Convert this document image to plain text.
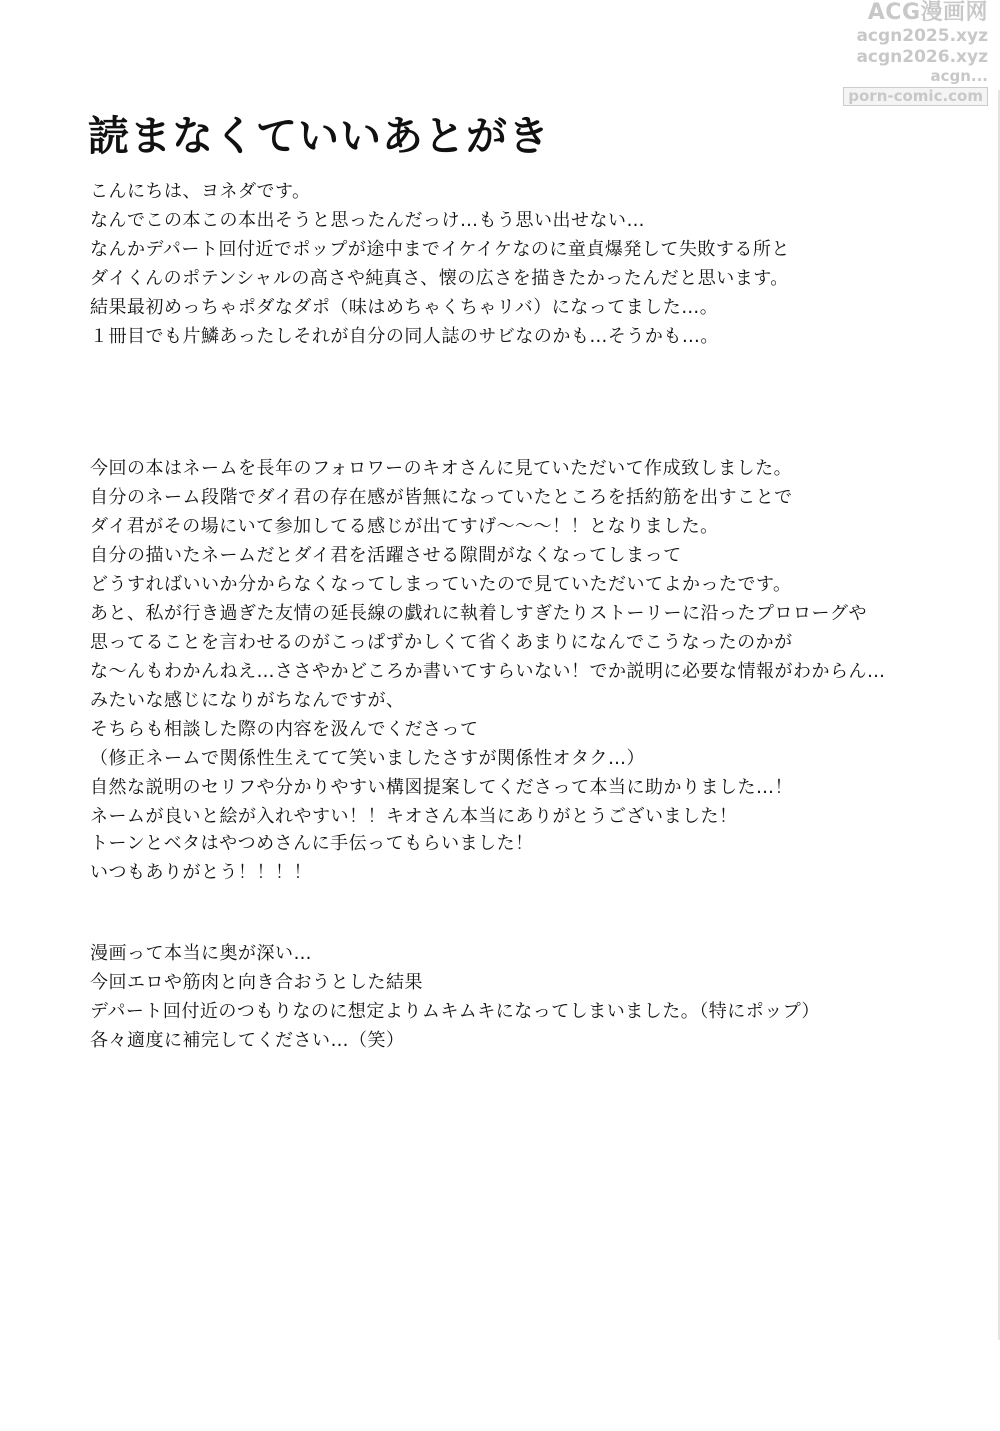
ACG漫画网
acgn2025.xyz
acgn2026.xyz
acgn...
porn-comic.com
読まなくていいあとがき
こんにちは、ヨネダです。
なんでこの本この本出そうと思ったんだっけ…もう思い出せない…
なんかデパート回付近でポップが途中までイケイケなのに童貞爆発して失敗する所と
ダイくんのポテンシャルの高さや純真さ、懐の広さを描きたかったんだと思います。
結果最初めっちゃポダなダポ（味はめちゃくちゃリバ）になってました…。
１冊目でも片鱗あったしそれが自分の同人誌のサビなのかも…そうかも…。
今回の本はネームを長年のフォロワーのキオさんに見ていただいて作成致しました。
自分のネーム段階でダイ君の存在感が皆無になっていたところを括約筋を出すことで
ダイ君がその場にいて参加してる感じが出てすげ～～～！！となりました。
自分の描いたネームだとダイ君を活躍させる隙間がなくなってしまって
どうすればいいか分からなくなってしまっていたので見ていただいてよかったです。
あと、私が行き過ぎた友情の延長線の戯れに執着しすぎたりストーリーに沿ったプロローグや
思ってることを言わせるのがこっぱずかしくて省くあまりになんでこうなったのかが
な～んもわかんねえ…ささやかどころか書いてすらいない！でか説明に必要な情報がわからん…
みたいな感じになりがちなんですが、
そちらも相談した際の内容を汲んでくださって
（修正ネームで関係性生えてて笑いましたさすが関係性オタク…）
自然な説明のセリフや分かりやすい構図提案してくださって本当に助かりました…！
ネームが良いと絵が入れやすい！！キオさん本当にありがとうございました！
トーンとベタはやつめさんに手伝ってもらいました！
いつもありがとう！！！！
漫画って本当に奥が深い…
今回エロや筋肉と向き合おうとした結果
デパート回付近のつもりなのに想定よりムキムキになってしまいました。（特にポップ）
各々適度に補完してください…（笑）
